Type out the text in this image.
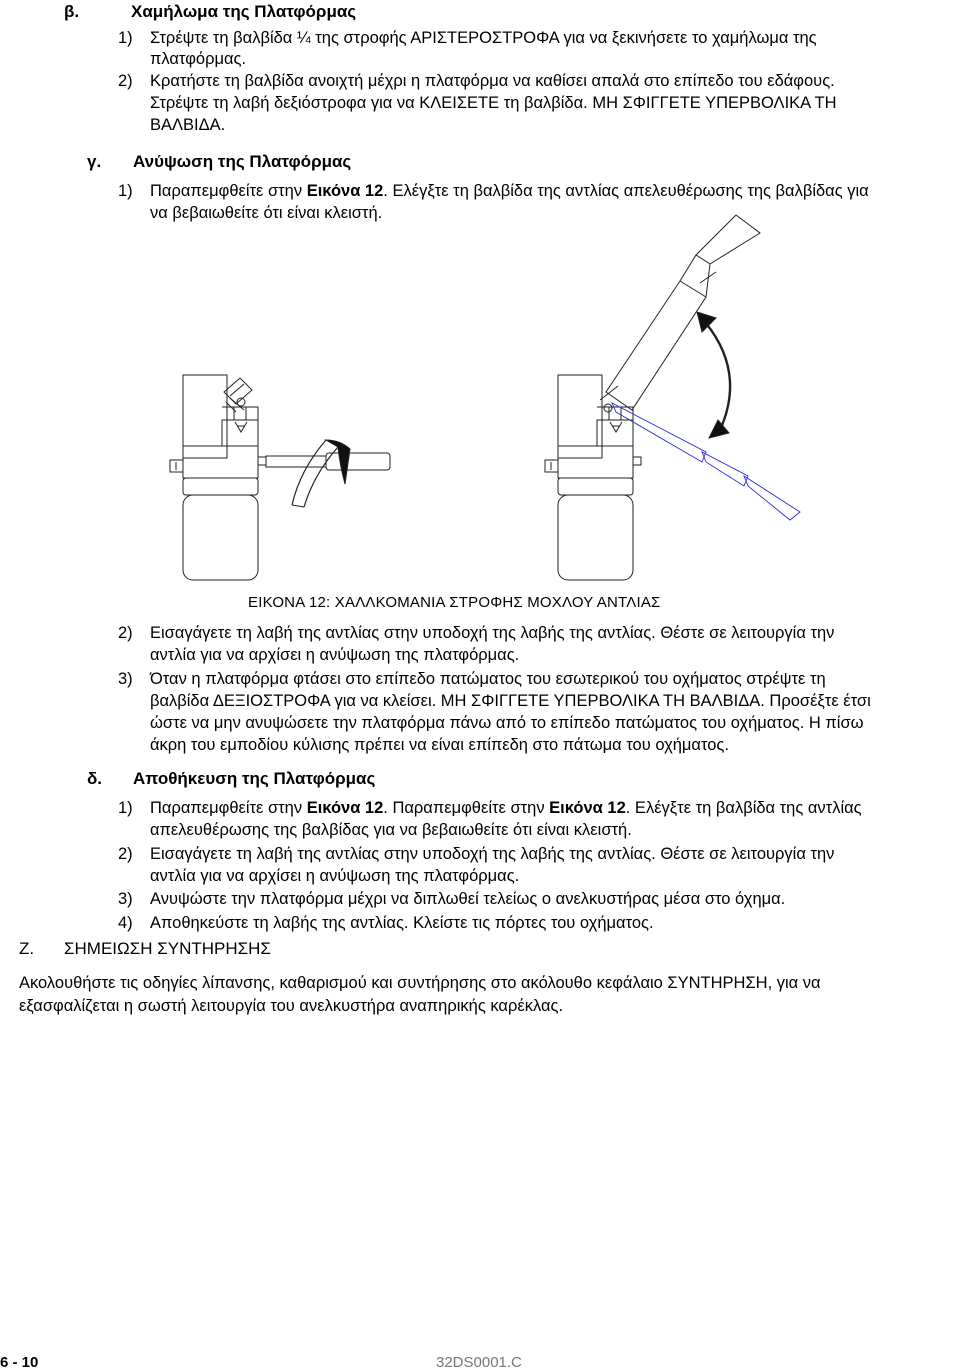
β.	Χαμήλωμα της Πλατφόρμας
1) Στρέψτε τη βαλβίδα ¼ της στροφής ΑΡΙΣΤΕΡΟΣΤΡΟΦΑ για να ξεκινήσετε το χαμήλωμα της
πλατφόρμας.
2) Κρατήστε τη βαλβίδα ανοιχτή μέχρι η πλατφόρμα να καθίσει απαλά στο επίπεδο του εδάφους.
Στρέψτε τη λαβή δεξιόστροφα για να ΚΛΕΙΣΕΤΕ τη βαλβίδα. ΜΗ ΣΦΙΓΓΕΤΕ ΥΠΕΡΒΟΛΙΚΑ ΤΗ
ΒΑΛΒΙΔΑ.
γ. Ανύψωση της Πλατφόρμας
1) Παραπεμφθείτε στην Εικόνα 12. Ελέγξτε τη βαλβίδα της αντλίας απελευθέρωσης της βαλβίδας για
να βεβαιωθείτε ότι είναι κλειστή.
ΕΙΚΟΝΑ 12: ΧΑΛΛΚΟΜΑΝΙΑ ΣΤΡΟΦΗΣ ΜΟΧΛΟΥ ΑΝΤΛΙΑΣ
2) Εισαγάγετε τη λαβή της αντλίας στην υποδοχή της λαβής της αντλίας. Θέστε σε λειτουργία την
αντλία για να αρχίσει η ανύψωση της πλατφόρμας.
3) Όταν η πλατφόρμα φτάσει στο επίπεδο πατώματος του εσωτερικού του οχήματος στρέψτε τη
βαλβίδα ΔΕΞΙΟΣΤΡΟΦΑ για να κλείσει. ΜΗ ΣΦΙΓΓΕΤΕ ΥΠΕΡΒΟΛΙΚΑ ΤΗ ΒΑΛΒΙΔΑ. Προσέξτε έτσι
ώστε να μην ανυψώσετε την πλατφόρμα πάνω από το επίπεδο πατώματος του οχήματος. Η πίσω
άκρη του εμποδίου κύλισης πρέπει να είναι επίπεδη στο πάτωμα του οχήματος.
δ. Αποθήκευση της Πλατφόρμας
1) Παραπεμφθείτε στην Εικόνα 12. Παραπεμφθείτε στην Εικόνα 12. Ελέγξτε τη βαλβίδα της αντλίας
απελευθέρωσης της βαλβίδας για να βεβαιωθείτε ότι είναι κλειστή.
2) Εισαγάγετε τη λαβή της αντλίας στην υποδοχή της λαβής της αντλίας. Θέστε σε λειτουργία την
αντλία για να αρχίσει η ανύψωση της πλατφόρμας.
3) Ανυψώστε την πλατφόρμα μέχρι να διπλωθεί τελείως ο ανελκυστήρας μέσα στο όχημα.
4) Αποθηκεύστε τη λαβής της αντλίας. Κλείστε τις πόρτες του οχήματος.
Ζ. ΣΗΜΕΙΩΣΗ ΣΥΝΤΗΡΗΣΗΣ
Ακολουθήστε τις οδηγίες λίπανσης, καθαρισμού και συντήρησης στο ακόλουθο κεφάλαιο ΣΥΝΤΗΡΗΣΗ, για να
εξασφαλίζεται η σωστή λειτουργία του ανελκυστήρα αναπηρικής καρέκλας.
6 - 10	32DS0001.C
